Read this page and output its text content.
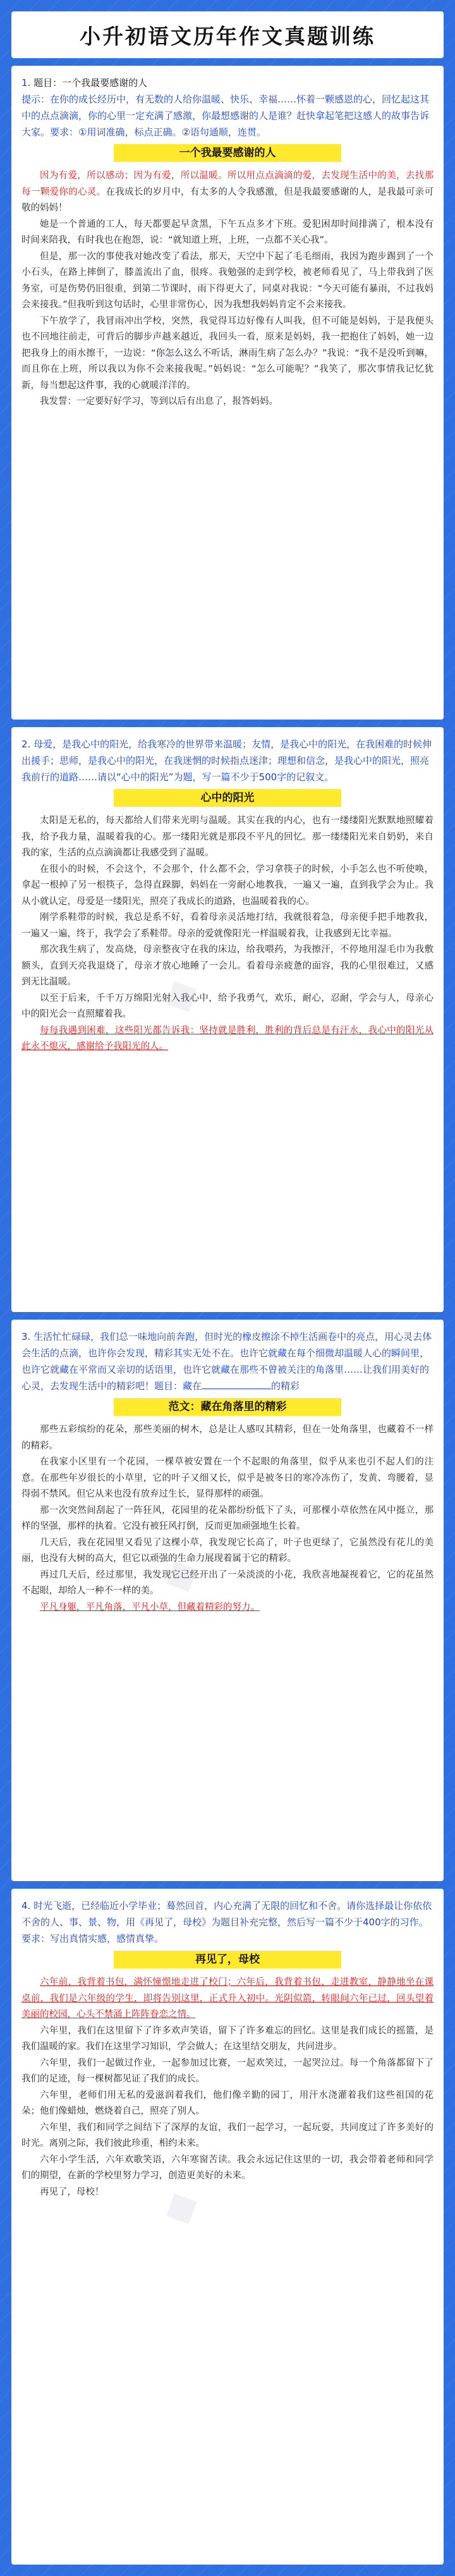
小升初语文历年作文真题训练
◆

1. 题目：一个我最要感谢的人
提示：在你的成长经历中，有无数的人给你温暖、快乐、幸福……怀着一颗感恩的心，回忆起这其中的点点滴滴，你的心里一定充满了感激，你最想感谢的人是谁？赶快拿起笔把这感人的故事告诉大家。要求：①用词准确，标点正确。②语句通顺，连贯。

一个我最要感谢的人

因为有爱，所以感动；因为有爱，所以温暖。所以用点点滴滴的爱，去发现生活中的美，去找那每一颗爱你的心灵。在我成长的岁月中，有太多的人令我感激，但是我最要感谢的人，是我最可亲可敬的妈妈！

她是一个普通的工人，每天都要起早贪黑，下午五点多才下班。爱犯困却时间排满了，根本没有时间来陪我，有时我也在抱怨，说：“就知道上班，上班，一点都不关心我”。

但是，那一次的事使我对她改变了看法，那天，天空中下起了毛毛细雨，我因为跑步踢到了一个小石头，在路上摔倒了，膝盖流出了血，很疼。我勉强的走到学校，被老师看见了，马上带我到了医务室，可是伤势仍旧很重，到第二节课时，雨下得更大了，同桌对我说：“今天可能有暴雨，不过我妈会来接我。”但我听到这句话时，心里非常伤心，因为我想我妈妈肯定不会来接我。

下午放学了，我冒雨冲出学校，突然，我觉得耳边好像有人叫我，但不可能是妈妈，于是我便头也不回地往前走，可背后的脚步声越来越近，我回头一看，原来是妈妈，我一把抱住了妈妈，她一边把我身上的雨水擦干，一边说：“你怎么这么不听话，淋雨生病了怎么办？”我说：“我不是没听到嘛，而且你在上班，所以我以为你不会来接我呢。”妈妈说：“怎么可能呢？”我笑了，那次事情我记忆犹新，每当想起这件事，我的心就暖洋洋的。

我发誓：一定要好好学习，等到以后有出息了，报答妈妈。

◆

2. 母爱，是我心中的阳光，给我寒冷的世界带来温暖；友情，是我心中的阳光，在我困难的时候伸出援手；思师，是我心中的阳光，在我迷惘的时候指点迷津；理想和信念，是我心中的阳光，照亮我前行的道路……请以“心中的阳光”为题，写一篇不少于500字的记叙文。

心中的阳光

太阳是无私的，每天都给人们带来光明与温暖。其实在我的内心，也有一缕缕阳光默默地照耀着我，给予我力量，温暖着我的心。那一缕阳光就是那段不平凡的回忆。那一缕缕阳光来自奶奶，来自我的家，生活的点点滴滴都让我感受到了温暖。

在很小的时候，不会这个，不会那个，什么都不会，学习拿筷子的时候，小手怎么也不听使唤，拿起一根掉了另一根筷子，急得直跺脚，妈妈在一旁耐心地教我，一遍又一遍，直到我学会为止。我从小就认定，母爱是一缕阳光，照亮了我成长的道路，也温暖着我的心。

刚学系鞋带的时候，我总是系不好，看着母亲灵活地打结，我就很着急，母亲便手把手地教我，一遍又一遍，终于，我学会了系鞋带。母亲的爱就像阳光一样温暖着我，让我感到无比幸福。

那次我生病了，发高烧，母亲整夜守在我的床边，给我喂药，为我擦汗，不停地用湿毛巾为我敷额头，直到天亮我退烧了，母亲才放心地睡了一会儿。看着母亲疲惫的面容，我的心里很难过，又感到无比温暖。

以至于后来，千千万万绵阳光射入我心中，给予我勇气，欢乐，耐心，忍耐，学会与人，母亲心中的阳光会一直照耀着我。

每每我遇到困难，这些阳光都告诉我：坚持就是胜利，胜利的背后总是有汗水，我心中的阳光从此永不熄灭，感谢给予我阳光的人。

◆

3. 生活忙忙碌碌，我们总一味地向前奔跑，但时光的橡皮擦涂不掉生活画卷中的亮点，用心灵去体会生活的点滴，也许你会发现，精彩其实无处不在。也许它就藏在每个细微却温暖人心的瞬间里，也许它就藏在平常而又亲切的话语里，也许它就藏在那些不曾被关注的角落里……让我们用美好的心灵，去发现生活中的精彩吧！题目：藏在	的精彩

范文：藏在角落里的精彩

那些五彩缤纷的花朵，那些美丽的树木，总是让人感叹其精彩，但在一处角落里，也藏着不一样的精彩。

在我家小区里有一个花园，一棵草被安置在一个不起眼的角落里，似乎从来也引不起人们的注意。在那些年岁很长的小草里，它的叶子又细又长，似乎是被冬日的寒冷冻伤了，发黄、弯腰着，显得弱不禁风。但它从来也没有放弃过生长，显得那样的顽强。

那一次突然间刮起了一阵狂风，花园里的花朵都纷纷低下了头，可那棵小草依然在风中挺立，那样的坚强，那样的执着。它没有被狂风打倒，反而更加顽强地生长着。

几天后，我在花园里又看见了这棵小草，我发现它长高了，叶子也更绿了，它虽然没有花儿的美丽，也没有大树的高大，但它以顽强的生命力展现着属于它的精彩。

再过几天后，经过那里，我发现它已经开出了一朵淡淡的小花，我欣喜地凝视着它，它的花虽然不起眼，却给人一种不一样的美。

平凡身躯，平凡角落，平凡小草，但藏着精彩的努力。

◆

4. 时光飞逝，已经临近小学毕业；蓦然回首，内心充满了无限的回忆和不舍。请你选择最让你依依不舍的人、事、景、物，用《再见了，母校》为题目补充完整，然后写一篇不少于400字的习作。要求：写出真情实感，感情真挚。

再见了，母校

六年前，我背着书包，满怀憧憬地走进了校门；六年后，我背着书包，走进教室，静静地坐在课桌前，我们是六年级的学生，即将告别这里，正式升入初中。光阴似箭，转眼间六年已过，回头望着美丽的校园，心头不禁涌上阵阵眷恋之情。

六年里，我们在这里留下了许多欢声笑语，留下了许多难忘的回忆。这里是我们成长的摇篮，是我们温暖的家。我们在这里学习知识，学会做人；在这里结交朋友，共同进步。

六年里，我们一起做过作业，一起参加过比赛，一起欢笑过，一起哭泣过。每一个角落都留下了我们的足迹，每一棵树都见证了我们的成长。

六年里，老师们用无私的爱滋润着我们，他们像辛勤的园丁，用汗水浇灌着我们这些祖国的花朵；他们像蜡烛，燃烧着自己，照亮了别人。

六年里，我们和同学之间结下了深厚的友谊，我们一起学习，一起玩耍，共同度过了许多美好的时光。离别之际，我们彼此珍重，相约未来。

六年小学生活，六年欢歌笑语，六年寒窗苦读。我会永远记住这里的一切，我会带着老师和同学们的期望，在新的学校里努力学习，创造更美好的未来。

再见了，母校！
